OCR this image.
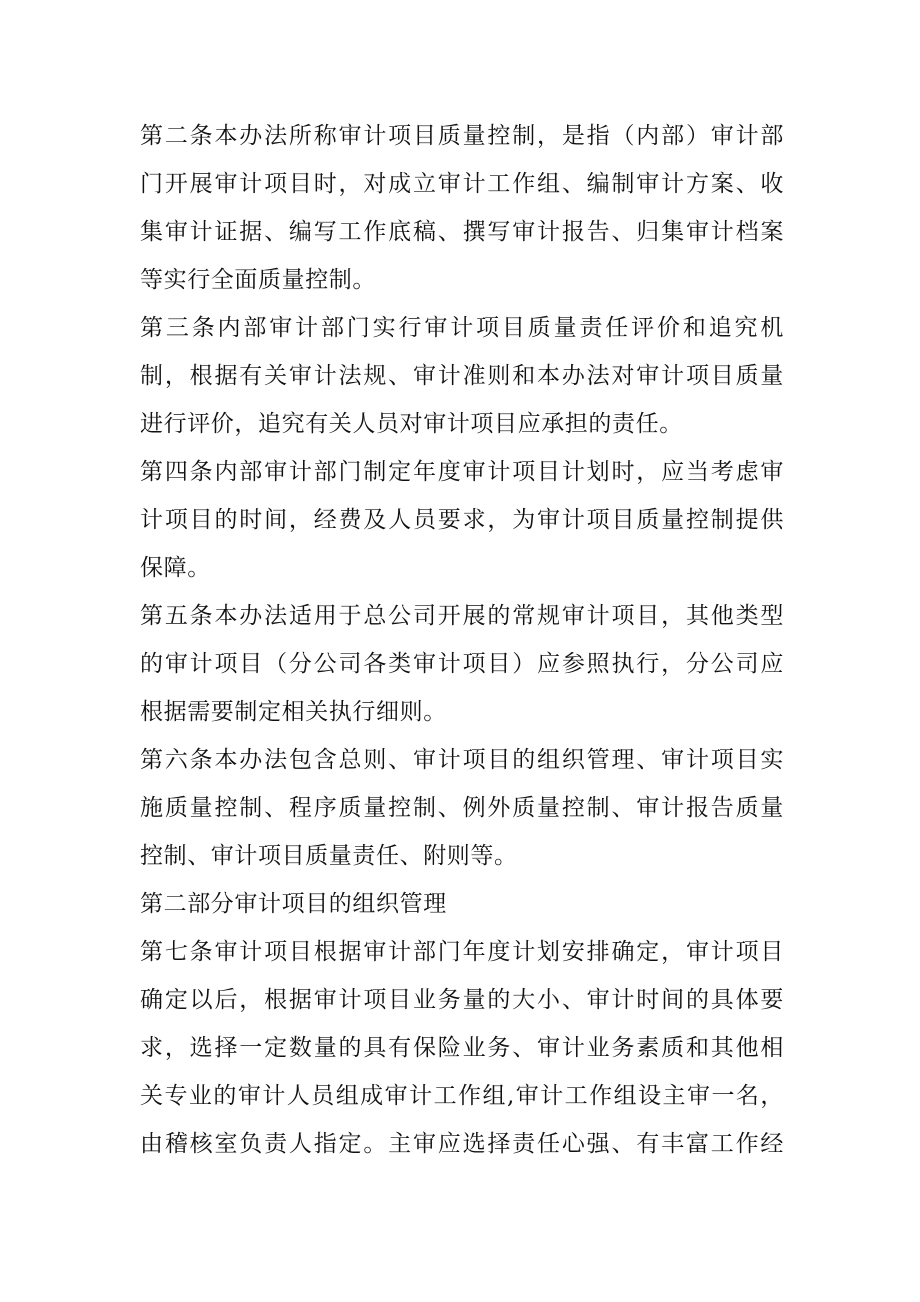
第二条本办法所称审计项目质量控制，是指（内部）审计部
门开展审计项目时，对成立审计工作组、编制审计方案、收
集审计证据、编写工作底稿、撰写审计报告、归集审计档案
等实行全面质量控制。
第三条内部审计部门实行审计项目质量责任评价和追究机
制，根据有关审计法规、审计准则和本办法对审计项目质量
进行评价，追究有关人员对审计项目应承担的责任。
第四条内部审计部门制定年度审计项目计划时，应当考虑审
计项目的时间，经费及人员要求，为审计项目质量控制提供
保障。
第五条本办法适用于总公司开展的常规审计项目，其他类型
的审计项目（分公司各类审计项目）应参照执行，分公司应
根据需要制定相关执行细则。
第六条本办法包含总则、审计项目的组织管理、审计项目实
施质量控制、程序质量控制、例外质量控制、审计报告质量
控制、审计项目质量责任、附则等。
第二部分审计项目的组织管理
第七条审计项目根据审计部门年度计划安排确定，审计项目
确定以后，根据审计项目业务量的大小、审计时间的具体要
求，选择一定数量的具有保险业务、审计业务素质和其他相
关专业的审计人员组成审计工作组,审计工作组设主审一名，
由稽核室负责人指定。主审应选择责任心强、有丰富工作经
